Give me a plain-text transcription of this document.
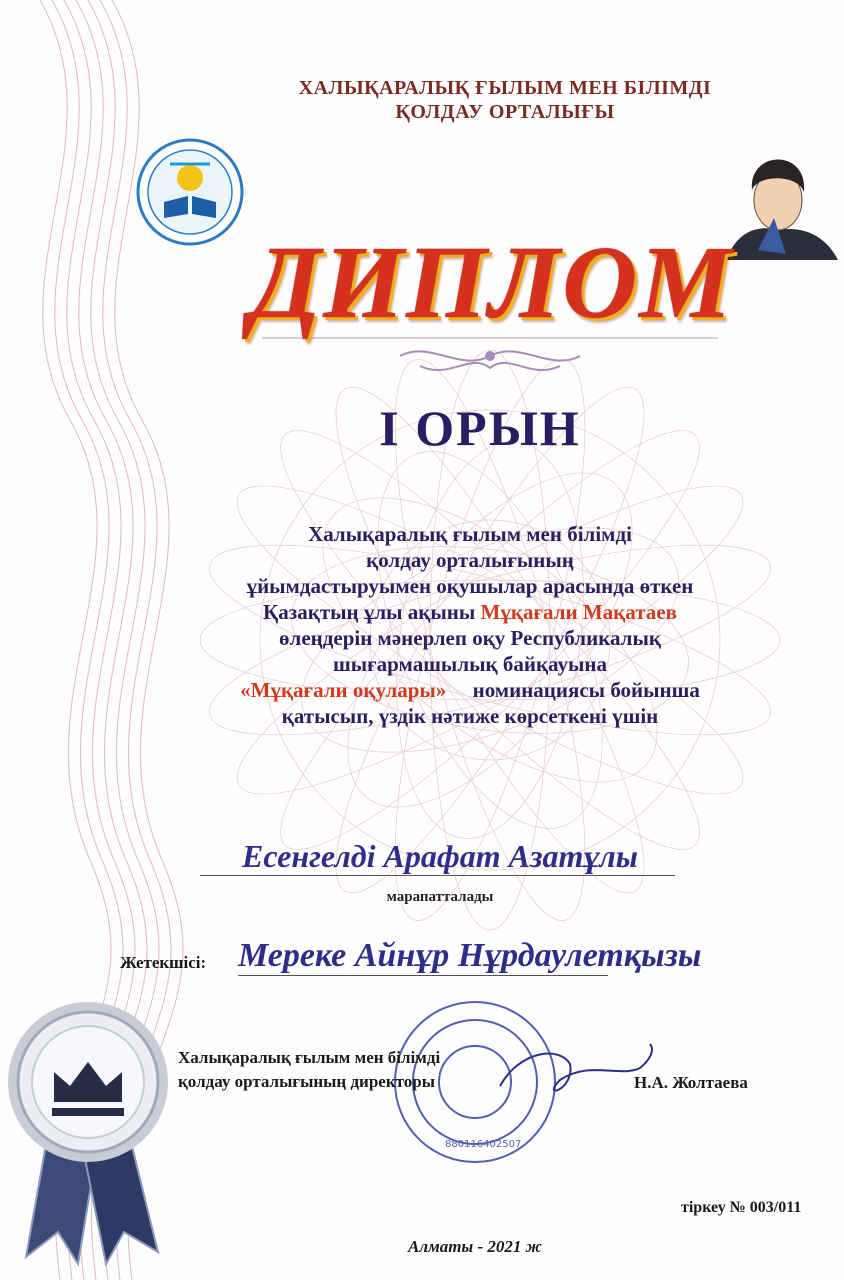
880116402507
ХАЛЫҚАРАЛЫҚ ҒЫЛЫМ МЕН БІЛІМДІ
ҚОЛДАУ ОРТАЛЫҒЫ
ДИПЛОМ
I ОРЫН
Халықаралық ғылым мен білімді
қолдау орталығының
ұйымдастыруымен оқушылар арасында өткен
Қазақтың ұлы ақыны Мұқағали Мақатаев
өлеңдерін мәнерлеп оқу Республикалық
шығармашылық байқауына
«Мұқағали оқулары»     номинациясы бойынша
қатысып, үздік нәтиже көрсеткені үшін
Есенгелді Арафат Азатұлы
марапатталады
Жетекшісі: Мереке Айнұр Нұрдаулетқызы
Халықаралық ғылым мен білімді
қолдау орталығының директоры	Н.А. Жолтаева
тіркеу № 003/011
Алматы - 2021 ж
